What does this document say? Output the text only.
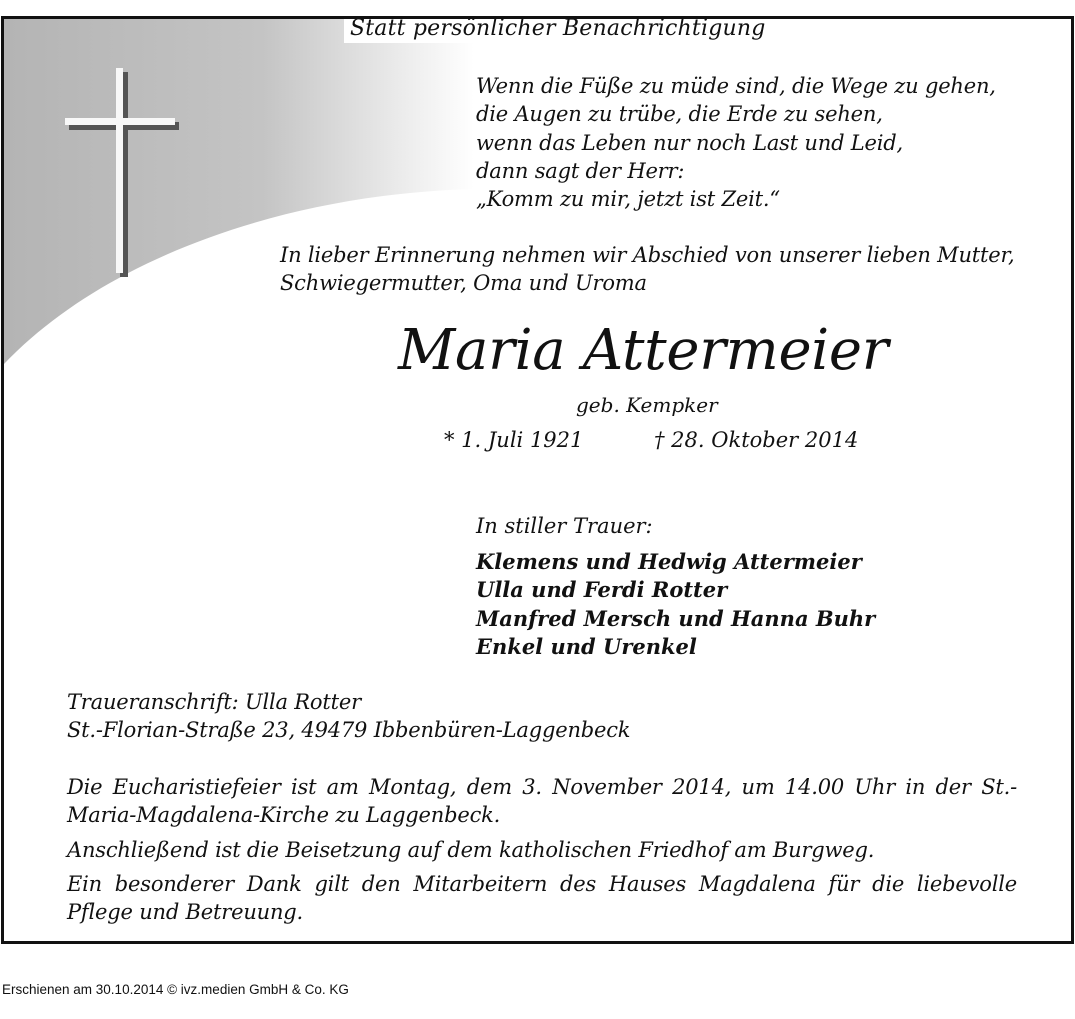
Statt persönlicher Benachrichtigung
Wenn die Füße zu müde sind, die Wege zu gehen,
die Augen zu trübe, die Erde zu sehen,
wenn das Leben nur noch Last und Leid,
dann sagt der Herr:
„Komm zu mir, jetzt ist Zeit.“
In lieber Erinnerung nehmen wir Abschied von unserer lieben Mutter,
Schwiegermutter, Oma und Uroma
Maria Attermeier
geb. Kempker
* 1. Juli 1921	† 28. Oktober 2014
In stiller Trauer:
Klemens und Hedwig Attermeier
Ulla und Ferdi Rotter
Manfred Mersch und Hanna Buhr
Enkel und Urenkel
Traueranschrift: Ulla Rotter
St.-Florian-Straße 23, 49479 Ibbenbüren-Laggenbeck

Die Eucharistiefeier ist am Montag, dem 3. November 2014, um 14.00 Uhr in der St.-Maria-Magdalena-Kirche zu Laggenbeck.

Anschließend ist die Beisetzung auf dem katholischen Friedhof am Burgweg.

Ein besonderer Dank gilt den Mitarbeitern des Hauses Magdalena für die liebevolle Pflege und Betreuung.

Erschienen am 30.10.2014 © ivz.medien GmbH & Co. KG
